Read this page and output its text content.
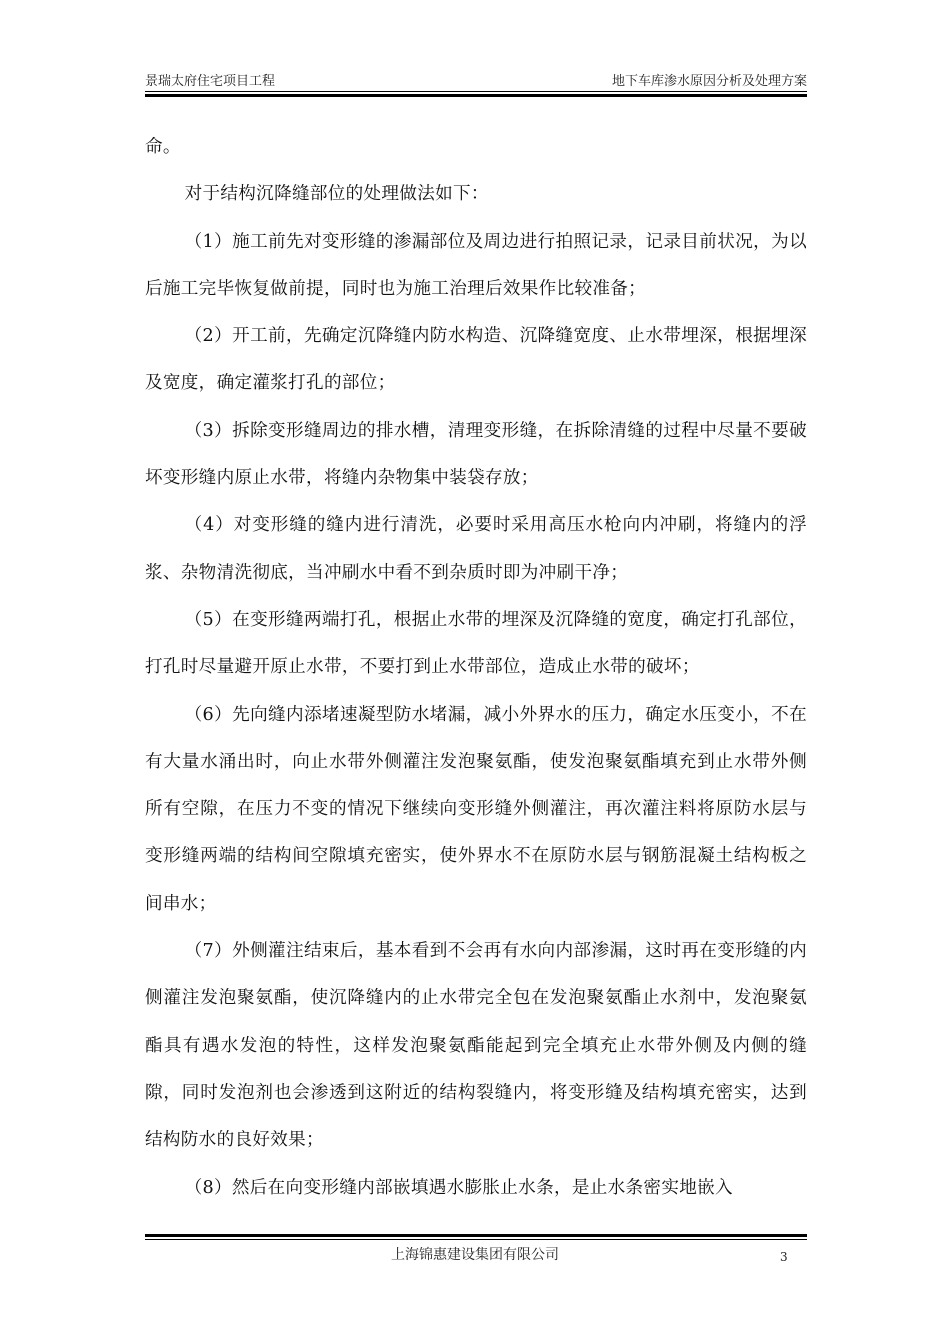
景瑞太府住宅项目工程	地下车库渗水原因分析及处理方案

命。

对于结构沉降缝部位的处理做法如下：

（1）施工前先对变形缝的渗漏部位及周边进行拍照记录，记录目前状况，为以后施工完毕恢复做前提，同时也为施工治理后效果作比较准备；

（2）开工前，先确定沉降缝内防水构造、沉降缝宽度、止水带埋深，根据埋深及宽度，确定灌浆打孔的部位；

（3）拆除变形缝周边的排水槽，清理变形缝，在拆除清缝的过程中尽量不要破坏变形缝内原止水带，将缝内杂物集中装袋存放；

（4）对变形缝的缝内进行清洗，必要时采用高压水枪向内冲刷，将缝内的浮浆、杂物清洗彻底，当冲刷水中看不到杂质时即为冲刷干净；

（5）在变形缝两端打孔，根据止水带的埋深及沉降缝的宽度，确定打孔部位，打孔时尽量避开原止水带，不要打到止水带部位，造成止水带的破坏；

（6）先向缝内添堵速凝型防水堵漏，减小外界水的压力，确定水压变小，不在有大量水涌出时，向止水带外侧灌注发泡聚氨酯，使发泡聚氨酯填充到止水带外侧所有空隙，在压力不变的情况下继续向变形缝外侧灌注，再次灌注料将原防水层与变形缝两端的结构间空隙填充密实，使外界水不在原防水层与钢筋混凝土结构板之间串水；

（7）外侧灌注结束后，基本看到不会再有水向内部渗漏，这时再在变形缝的内侧灌注发泡聚氨酯，使沉降缝内的止水带完全包在发泡聚氨酯止水剂中，发泡聚氨酯具有遇水发泡的特性，这样发泡聚氨酯能起到完全填充止水带外侧及内侧的缝隙，同时发泡剂也会渗透到这附近的结构裂缝内，将变形缝及结构填充密实，达到结构防水的良好效果；

（8）然后在向变形缝内部嵌填遇水膨胀止水条，是止水条密实地嵌入

上海锦惠建设集团有限公司	3
